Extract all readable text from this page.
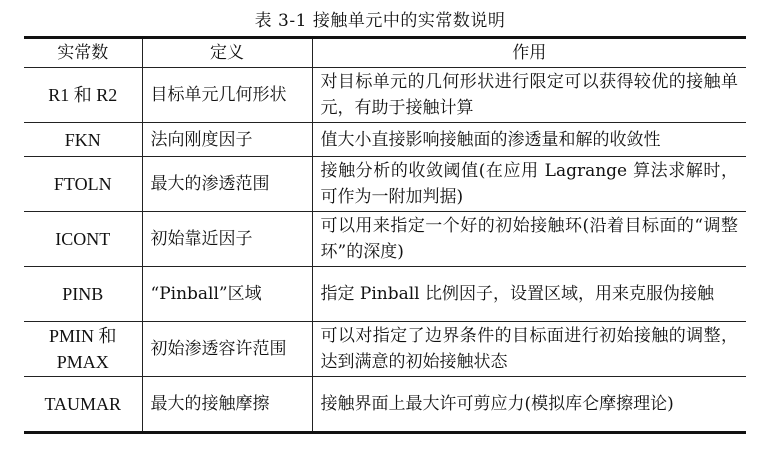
表 3-1 接触单元中的实常数说明
实常数	定义	作用
R1 和 R2	目标单元几何形状	对目标单元的几何形状进行限定可以获得较优的接触单元，有助于接触计算
FKN	法向刚度因子	值大小直接影响接触面的渗透量和解的收敛性
FTOLN	最大的渗透范围	接触分析的收敛阈值(在应用 Lagrange 算法求解时，可作为一附加判据)
ICONT	初始靠近因子	可以用来指定一个好的初始接触环(沿着目标面的“调整环”的深度)
PINB	“Pinball”区域	指定 Pinball 比例因子，设置区域，用来克服伪接触
PMIN 和 PMAX	初始渗透容许范围	可以对指定了边界条件的目标面进行初始接触的调整，达到满意的初始接触状态
TAUMAR	最大的接触摩擦	接触界面上最大许可剪应力(模拟库仑摩擦理论)
